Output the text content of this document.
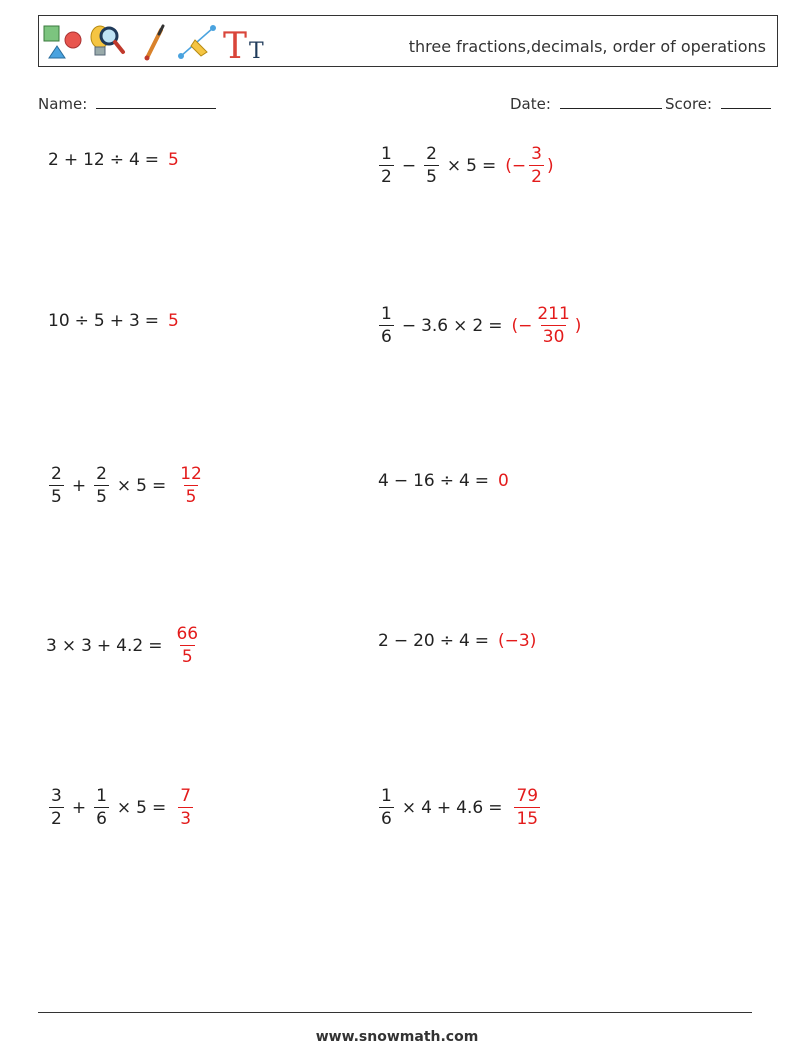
T T	three fractions,decimals, order of operations
Name:	Date:	Score:
2 + 12 ÷ 4 = 5	$\frac{1}{2} - \frac{2}{5} \times 5$ = (− $\frac{3}{2}$ )
10 ÷ 5 + 3 = 5	$\frac{1}{6} - 3.6 \times 2$ = (− $\frac{211}{30}$ )
$\frac{2}{5} + \frac{2}{5} \times 5 = \frac{12}{5}$	4 − 16 ÷ 4 = 0
$3 \times 3 + 4.2 = \frac{66}{5}$	2 − 20 ÷ 4 = (−3)
$\frac{3}{2} + \frac{1}{6} \times 5 = \frac{7}{3}$	$\frac{1}{6} \times 4 + 4.6 = \frac{79}{15}$
www.snowmath.com
